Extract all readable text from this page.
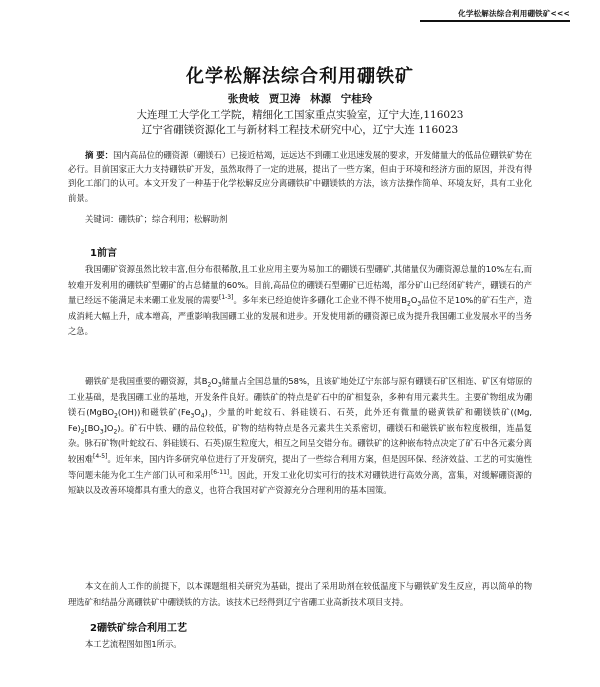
化学松解法综合利用硼铁矿<<<
化学松解法综合利用硼铁矿
张贵岐 贾卫涛 林源 宁桂玲
大连理工大学化工学院，精细化工国家重点实验室，辽宁大连,116023
辽宁省硼镁资源化工与新材料工程技术研究中心，辽宁大连 116023
摘 要：国内高品位的硼资源（硼镁石）已接近枯竭，远远达不到硼工业迅速发展的要求，开发储量大的低品位硼铁矿势在必行。目前国家正大力支持硼铁矿开发，虽然取得了一定的进展，提出了一些方案，但由于环境和经济方面的原因，并没有得到化工部门的认可。本文开发了一种基于化学松解反应分离硼铁矿中硼镁铁的方法，该方法操作简单、环境友好，具有工业化前景。
关键词：硼铁矿；综合利用；松解助剂
1前言

我国硼矿资源虽然比较丰富,但分布很稀散,且工业应用主要为易加工的硼镁石型硼矿,其储量仅为硼资源总量的10%左右,而较难开发利用的硼铁矿型硼矿的占总储量的60%。目前,高品位的硼镁石型硼矿已近枯竭，部分矿山已经闭矿转产，硼镁石的产量已经远不能满足未来硼工业发展的需要[1-3]。多年来已经迫使许多硼化工企业不得不使用$B_2O_3$品位不足10%的矿石生产，造成消耗大幅上升，成本增高，严重影响我国硼工业的发展和进步。开发使用新的硼资源已成为提升我国硼工业发展水平的当务之急。

硼铁矿是我国重要的硼资源，其$B_2O_3$储量占全国总量的58%，且该矿地处辽宁东部与原有硼镁石矿区相连、矿区有熔原的工业基础，是我国硼工业的基地，开发条件良好。硼铁矿的特点是矿石中的矿相复杂，多种有用元素共生。主要矿物组成为硼镁石(MgBO$_2$(OH))和磁铁矿$(Fe_3O_4)$，少量的叶蛇纹石、斜硅镁石、石英，此外还有微量的磁黄铁矿和硼镁铁矿((Mg, $Fe)_2[BO_3]O_2$)。矿石中铁、硼的品位较低，矿物的结构特点是各元素共生关系密切，硼镁石和磁铁矿嵌布粒度极细，连晶复杂。脉石矿物(叶蛇纹石、斜硅镁石、石英)原生粒度大，相互之间呈交错分布。硼铁矿的这种嵌布特点决定了矿石中各元素分离较困难[4-5]。近年来，国内许多研究单位进行了开发研究，提出了一些综合利用方案，但是因环保、经济效益、工艺的可实施性等问题未能为化工生产部门认可和采用[6-11]。因此，开发工业化切实可行的技术对硼铁进行高效分离，富集，对缓解硼资源的短缺以及改善环境都具有重大的意义，也符合我国对矿产资源充分合理利用的基本国策。

本文在前人工作的前提下，以本课题组相关研究为基础，提出了采用助剂在较低温度下与硼铁矿发生反应，再以简单的物理选矿和结晶分离硼铁矿中硼镁铁的方法。该技术已经得到辽宁省硼工业高新技术项目支持。

2硼铁矿综合利用工艺

本工艺流程图如图1所示。
